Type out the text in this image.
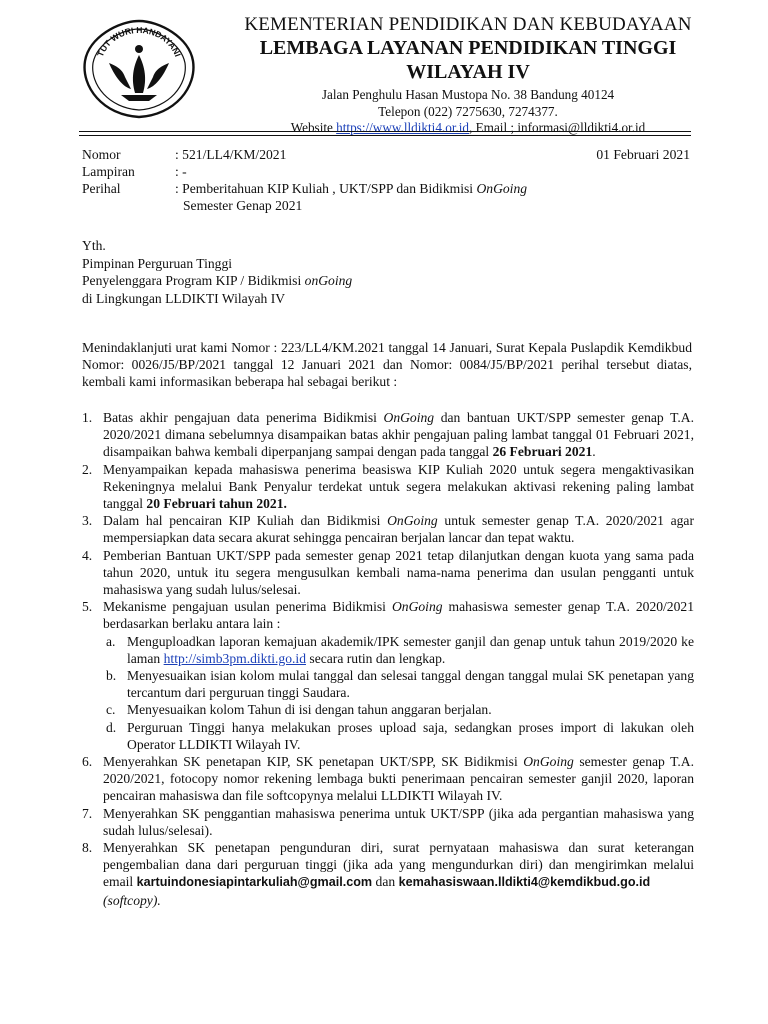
TUT WURI HANDAYANI
KEMENTERIAN PENDIDIKAN DAN KEBUDAYAAN
LEMBAGA LAYANAN PENDIDIKAN TINGGI
WILAYAH IV
Jalan Penghulu Hasan Mustopa No. 38 Bandung 40124
Telepon (022) 7275630, 7274377.
Website https://www.lldikti4.or.id, Email ; informasi@lldikti4.or.id
Nomor	: 521/LL4/KM/2021	01 Februari 2021
Lampiran	: -
Perihal	: Pemberitahuan KIP Kuliah , UKT/SPP dan Bidikmisi OnGoing
Semester Genap 2021
Yth.
Pimpinan Perguruan Tinggi
Penyelenggara Program KIP / Bidikmisi onGoing
di Lingkungan LLDIKTI Wilayah IV

Menindaklanjuti urat kami Nomor : 223/LL4/KM.2021 tanggal 14 Januari, Surat Kepala Puslapdik Kemdikbud Nomor: 0026/J5/BP/2021 tanggal 12 Januari 2021 dan Nomor: 0084/J5/BP/2021 perihal tersebut diatas, kembali kami informasikan beberapa hal sebagai berikut :

1. Batas akhir pengajuan data penerima Bidikmisi OnGoing dan bantuan UKT/SPP semester genap T.A. 2020/2021 dimana sebelumnya disampaikan batas akhir pengajuan paling lambat tanggal 01 Februari 2021, disampaikan bahwa kembali diperpanjang sampai dengan pada tanggal 26 Februari 2021.
2. Menyampaikan kepada mahasiswa penerima beasiswa KIP Kuliah 2020 untuk segera mengaktivasikan Rekeningnya melalui Bank Penyalur terdekat untuk segera melakukan aktivasi rekening paling lambat tanggal 20 Februari tahun 2021.
3. Dalam hal pencairan KIP Kuliah dan Bidikmisi OnGoing untuk semester genap T.A. 2020/2021 agar mempersiapkan data secara akurat sehingga pencairan berjalan lancar dan tepat waktu.
4. Pemberian Bantuan UKT/SPP pada semester genap 2021 tetap dilanjutkan dengan kuota yang sama pada tahun 2020, untuk itu segera mengusulkan kembali nama-nama penerima dan usulan pengganti untuk mahasiswa yang sudah lulus/selesai.
5. Mekanisme pengajuan usulan penerima Bidikmisi OnGoing mahasiswa semester genap T.A. 2020/2021 berdasarkan berlaku antara lain :
a. Menguploadkan laporan kemajuan akademik/IPK semester ganjil dan genap untuk tahun 2019/2020 ke laman http://simb3pm.dikti.go.id secara rutin dan lengkap.
b. Menyesuaikan isian kolom mulai tanggal dan selesai tanggal dengan tanggal mulai SK penetapan yang tercantum dari perguruan tinggi Saudara.
c. Menyesuaikan kolom Tahun di isi dengan tahun anggaran berjalan.
d. Perguruan Tinggi hanya melakukan proses upload saja, sedangkan proses import di lakukan oleh Operator LLDIKTI Wilayah IV.
6. Menyerahkan SK penetapan KIP, SK penetapan UKT/SPP, SK Bidikmisi OnGoing semester genap T.A. 2020/2021, fotocopy nomor rekening lembaga bukti penerimaan pencairan semester ganjil 2020, laporan pencairan mahasiswa dan file softcopynya melalui LLDIKTI Wilayah IV.
7. Menyerahkan SK penggantian mahasiswa penerima untuk UKT/SPP (jika ada pergantian mahasiswa yang sudah lulus/selesai).
8. Menyerahkan SK penetapan pengunduran diri, surat pernyataan mahasiswa dan surat keterangan pengembalian dana dari perguruan tinggi (jika ada yang mengundurkan diri) dan mengirimkan melalui email kartuindonesiapintarkuliah@gmail.com dan kemahasiswaan.lldikti4@kemdikbud.go.id
(softcopy).
